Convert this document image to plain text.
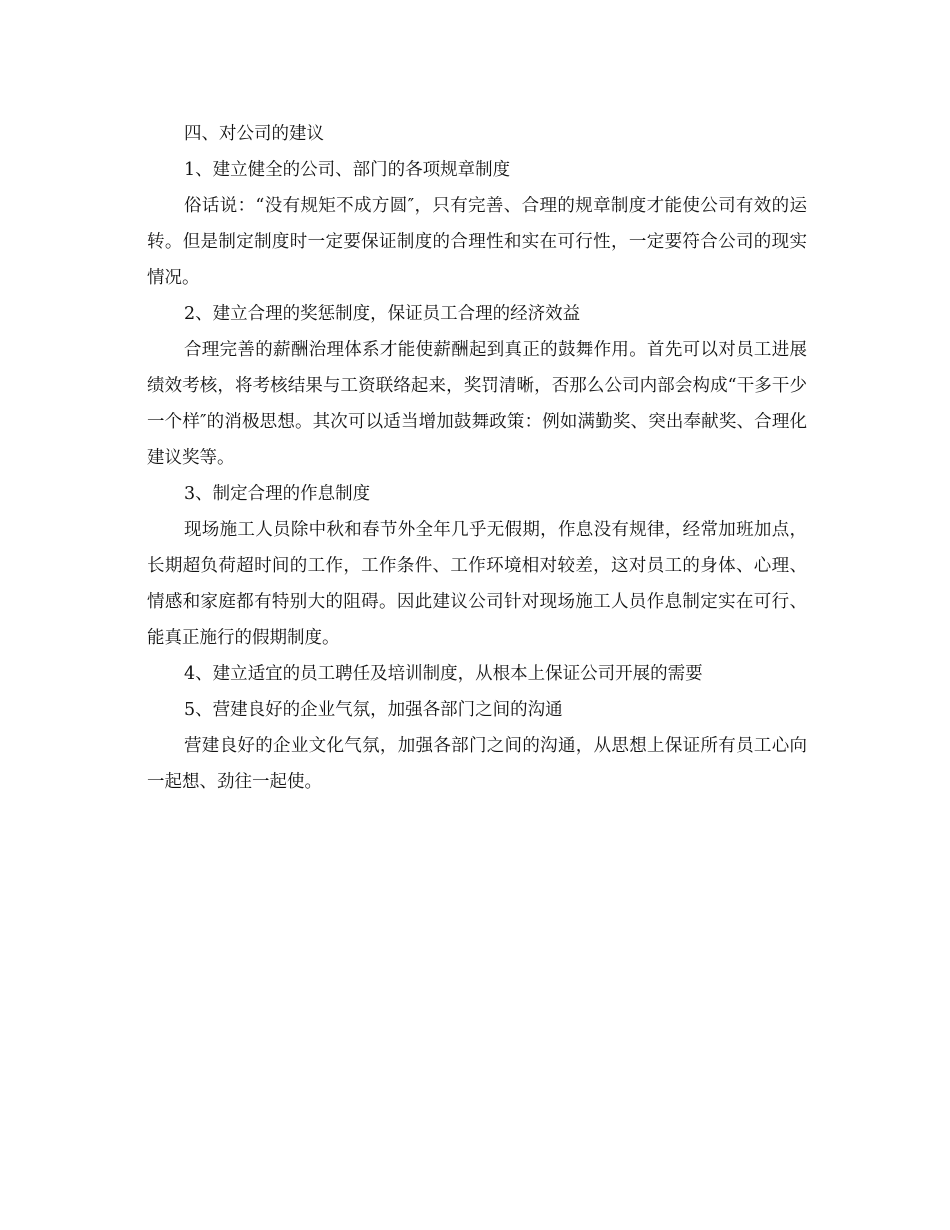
四、对公司的建议

1、建立健全的公司、部门的各项规章制度

俗话说：“没有规矩不成方圆″，只有完善、合理的规章制度才能使公司有效的运转。但是制定制度时一定要保证制度的合理性和实在可行性，一定要符合公司的现实情况。

2、建立合理的奖惩制度，保证员工合理的经济效益

合理完善的薪酬治理体系才能使薪酬起到真正的鼓舞作用。首先可以对员工进展绩效考核，将考核结果与工资联络起来，奖罚清晰，否那么公司内部会构成“干多干少一个样″的消极思想。其次可以适当增加鼓舞政策：例如满勤奖、突出奉献奖、合理化建议奖等。

3、制定合理的作息制度

现场施工人员除中秋和春节外全年几乎无假期，作息没有规律，经常加班加点，长期超负荷超时间的工作，工作条件、工作环境相对较差，这对员工的身体、心理、情感和家庭都有特别大的阻碍。因此建议公司针对现场施工人员作息制定实在可行、能真正施行的假期制度。

4、建立适宜的员工聘任及培训制度，从根本上保证公司开展的需要

5、营建良好的企业气氛，加强各部门之间的沟通

营建良好的企业文化气氛，加强各部门之间的沟通，从思想上保证所有员工心向一起想、劲往一起使。
